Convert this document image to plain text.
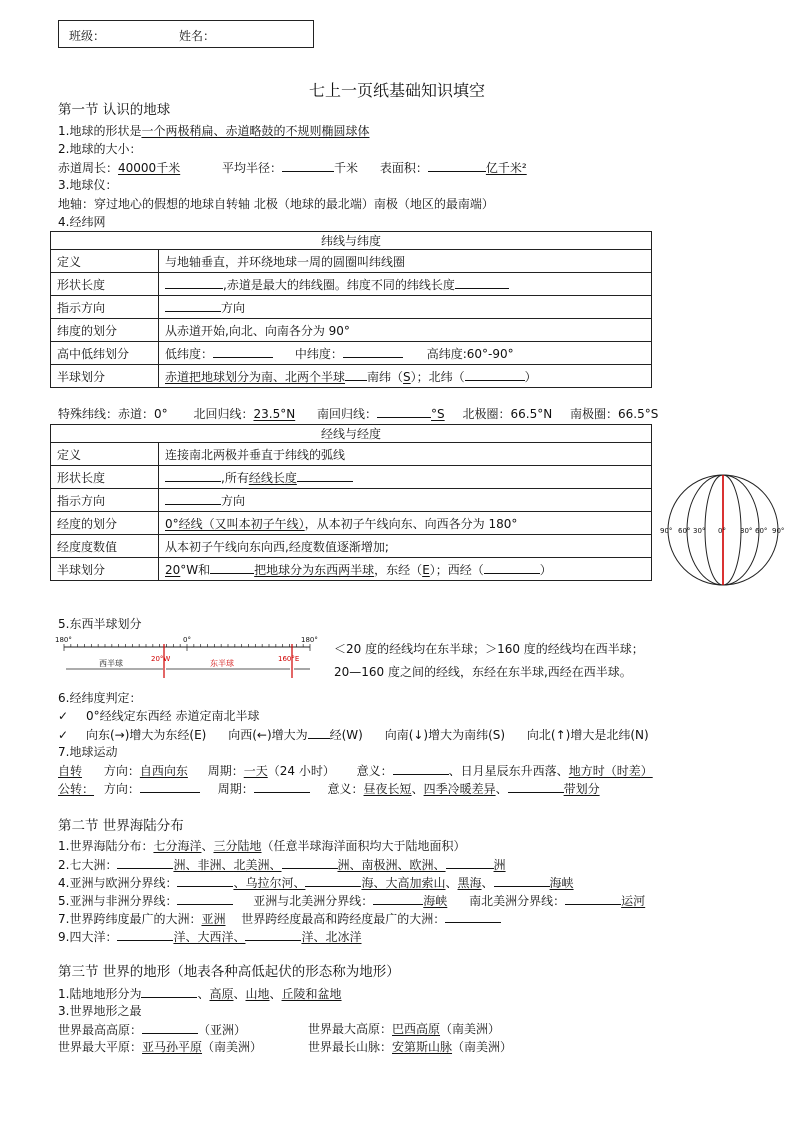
班级：	姓名：
七上一页纸基础知识填空
第一节 认识的地球
1.地球的形状是一个两极稍扁、赤道略鼓的不规则椭圆球体
2.地球的大小：
赤道周长：40000千米	平均半径：	千米 表面积：	亿千米²
3.地球仪：
地轴：穿过地心的假想的地球自转轴 北极（地球的最北端）南极（地区的最南端）
4.经纬网
纬线与纬度	
定义	与地轴垂直，并环绕地球一周的圆圈叫纬线圈
形状长度	,赤道是最大的纬线圈。纬度不同的纬线长度
指示方向	方向
纬度的划分	从赤道开始,向北、向南各分为 90°
高中低纬划分	低纬度： 中纬度： 高纬度:60°-90°
半球划分	赤道把地球划分为南、北两个半球 南纬（S）；北纬（ ）
特殊纬线：赤道：0° 北回归线：23.5°N 南回归线：	°S 北极圈：66.5°N 南极圈：66.5°S
经线与经度	
定义	连接南北两极并垂直于纬线的弧线
形状长度	,所有经线长度
指示方向	方向
经度的划分	0°经线（又叫本初子午线），从本初子午线向东、向西各分为 180°
经度度数值	从本初子午线向东向西,经度数值逐渐增加;
半球划分	20°W和 把地球分为东西两半球，东经（E）；西经（ ）
90° 60° 30° 0° 30° 60° 90°
5.东西半球划分
180°	0°	180°
20°W	160°E
西半球	东半球
＜20 度的经线均在东半球；＞160 度的经线均在西半球；
20—160 度之间的经线，东经在东半球,西经在西半球。
6.经纬度判定：
✓ 0°经线定东西经 赤道定南北半球
✓ 向东(→)增大为东经(E) 向西(←)增大为 经(W) 向南(↓)增大为南纬(S) 向北(↑)增大是北纬(N)
7.地球运动
自转 方向：自西向东 周期：一天（24 小时） 意义：	、日月星辰东升西落、地方时（时差）
公转： 方向：	周期：	意义：昼夜长短、四季冷暖差异、	带划分
第二节 世界海陆分布
1.世界海陆分布：七分海洋、三分陆地（任意半球海洋面积均大于陆地面积）
2.七大洲：	洲、非洲、北美洲、	洲、南极洲、欧洲、	洲
4.亚洲与欧洲分界线：	、乌拉尔河、	海、大高加索山、黑海、	海峡
5.亚洲与非洲分界线：	亚洲与北美洲分界线：	海峡 南北美洲分界线：	运河
7.世界跨纬度最广的大洲：亚洲 世界跨经度最高和跨经度最广的大洲：
9.四大洋：	洋、大西洋、	洋、北冰洋
第三节 世界的地形（地表各种高低起伏的形态称为地形）
1.陆地地形分为	、高原、山地、丘陵和盆地
3.世界地形之最
世界最高高原：	（亚洲）	世界最大高原：巴西高原（南美洲）
世界最大平原：亚马孙平原（南美洲）	世界最长山脉：安第斯山脉（南美洲）
